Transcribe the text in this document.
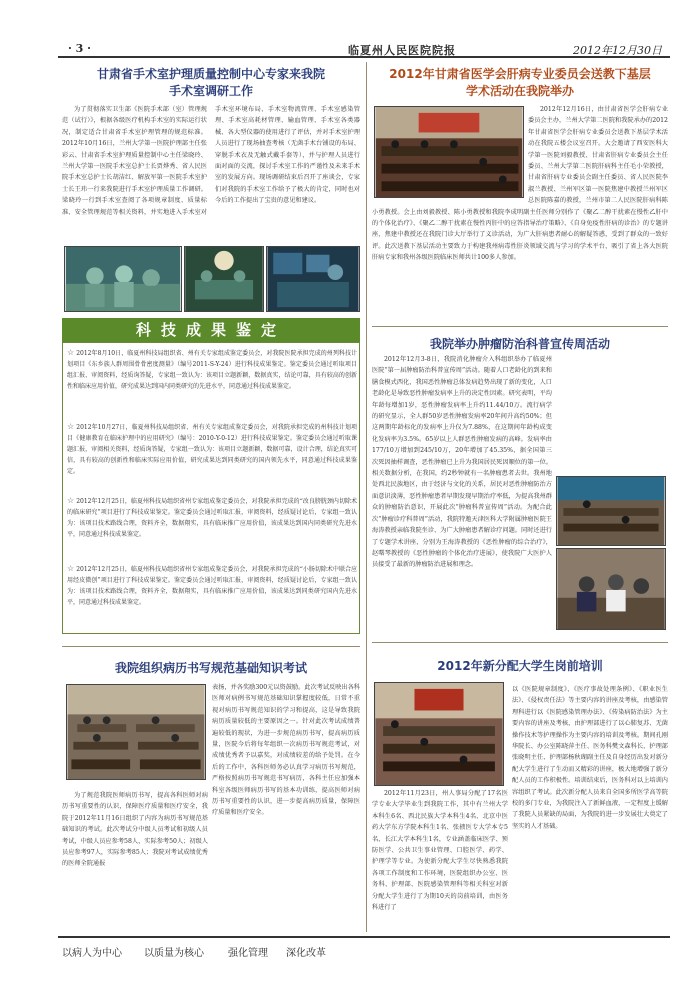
· 3 ·	临夏州人民医院院报	2012年12月30日
甘肃省手术室护理质量控制中心专家来我院
手术室调研工作

为了贯彻落实卫生部《医院手术部（室）管理规范（试行）》，根据各级医疗机构手术室的实际运行状况，制定适合甘肃省手术室护理管理的规范标准。2012年10月16日，兰州大学第一医院护理部主任张彩云、甘肃省手术室护理质量控制中心主任梁晓玲、兰州大学第一医院手术室总护士长贾烨秀、省人民医院手术室总护士长胡洁红、解放军第一医院手术室护士长王玮一行来我院进行手术室护理质量工作调研。梁晓玲一行到手术室查阅了各项规章制度、质量标准、安全管理规范等相关资料，并实地进入手术室对手术室环境布局、手术室物流管理、手术室感染管理、手术室高耗材管理、输血管理、手术室各类器械、各大型仪器的使用进行了评估，并对手术室护理人员进行了现场抽查考核（无菌手术台铺设的布局、穿脱手术衣及无触式戴手套等），并与护理人员进行面对面的交流，探讨手术室工作的严谨性及未来手术室的发展方向。现场调研结束后召开了座谈会，专家们对我院的手术室工作给予了极大的肯定，同时也对今后的工作提出了宝贵的意见和建议。

科技成果鉴定
☆ 2012年8月10日，临夏州科技局组织省、州有关专家组成鉴定委员会，对我院医院承担完成的州列科技计划项目《东乡族人群周围骨骨密度测量》（编号2011-S-Y-24）进行科技成果鉴定。鉴定委员会通过听取项目组汇报、审阅资料，经质询答疑，专家组一致认为：该项目立题新颖，数据真实，结论可靠，具有较高的创新性和临床应用价值，研究成果达到国内同类研究的先进水平，同意通过科技成果鉴定。
☆ 2012年10月27日，临夏州科技局组织省、州有关专家组成鉴定委员会，对我院承担完成的州科技计划项目《健康教育在临床护理中的应用研究》（编号：2010-Y-0-12）进行科技成果鉴定。鉴定委员会通过听取课题汇报，审阅相关资料，经质询答疑，专家组一致认为：该项目立题新颖，数据可靠，设计合理，结论真实可信，具有较高的创新性和临床实际应用价值，研究成果达到同类研究的国内领先水平，同意通过科技成果鉴定。
☆ 2012年12月25日，临夏州科技局组织省州专家组成鉴定委员会，对我院承担完成的“改良膀胱颈内切除术的临床研究”项目进行了科技成果鉴定。鉴定委员会通过听取汇报，审阅资料，经质疑讨论后，专家组一致认为：该项目技术路线合理，资料齐全，数据翔实，具有临床推广应用价值，该成果达到国内同类研究先进水平，同意通过科技成果鉴定。
☆ 2012年12月25日，临夏州科技局组织省州专家组成鉴定委员会，对我院承担完成的“小肠切除术中联合应用经皮微创”项目进行了科技成果鉴定。鉴定委员会通过听取汇报，审阅资料，经质疑讨论后，专家组一致认为：该项目技术路线合理，资料齐全，数据翔实，具有临床推广应用价值，该成果达到同类研究国内先进水平，同意通过科技成果鉴定。
我院组织病历书写规范基础知识考试

表扬，并各奖励300元以资鼓励。此次考试反映出各科医师对病例书写规范基础知识掌握度较低，日常不重视对病历书写规范知识的学习和提高，这是导致我院病历质量较低的主要原因之一。针对此次考试成绩普遍较低的现状，为进一步规范病历书写，提高病历质量，医院今后将每年组织一次病历书写规范考试，对成绩优秀者予以嘉奖，对成绩较差的给予处罚。在今后的工作中，各科医师务必认真学习病历书写规范，严格按照病历书写规范书写病历，各科主任应加强本科室各级医师病历书写的基本功训练，提高医师对病历书写重要性的认识，进一步提高病历质量，保障医疗质量和医疗安全。

为了规范我院医师病历书写，提高各科医师对病历书写重要性的认识，保障医疗质量和医疗安全，我院于2012年11月16日组织了内容为病历书写规范基础知识的考试。此次考试分中级人员考试和初级人员考试，中级人员应参考58人，实际参考50人；初级人员应参考97人，实际参考85人；我院对考试成绩优秀的医师全院通报

2012年甘肃省医学会肝病专业委员会送教下基层
学术活动在我院举办

2012年12月16日，由甘肃省医学会肝病专业委员会主办，兰州大学第二医院和我院承办的2012年甘肃省医学会肝病专业委员会送教下基层学术活动在我院五楼会议室召开。大会邀请了西安医科大学第一医院刘毅教授、甘肃省肝病专业委员会主任委员、兰州大学第二医院肝病科主任毛小荣教授，甘肃省肝病专业委员会副主任委员、省人民医院李淑兰教授、兰州军区第一医院焦建中教授兰州军区总医院陈嘉的教授，兰州市第二人民医院肝病科陈小勇教授。会上由刘毅教授、陈小勇教授和我院李成明副主任医师分别作了《聚乙二醇干扰素在慢性乙肝中的个体化治疗》、《聚乙二醇干扰素在慢性丙肝中的应答指导治疗策略》、《自身免疫性肝病的诊治》的专题讲座，焦建中教授还在我院门诊大厅举行了义诊活动，为广大肝病患者耐心的解疑答惑，受到了群众的一致好评。此次送教下基层活动主要致力于构建我州病毒性肝炎领域交流与学习的学术平台，吸引了省上各大医院肝病专家和我州各级医院临床医师共计100多人参加。

我院举办肿瘤防治科普宣传周活动

2012年12月3-8日，我院消化肿瘤介入科组织举办了临夏州医院“第一届肿瘤防治科普宣传周”活动。随着人口老龄化的到来和膳食模式西化，我国恶性肿瘤总体发病趋势出现了新的变化，人口老龄化是导致恶性肿瘤发病率上升的决定性因素。研究表明，平均年龄每增加1岁，恶性肿瘤发病率上升约11.44/10万。流行病学的研究显示，全人群50岁恶性肿瘤发病率20年间升高约50%；但这两期年龄标化的发病率上升仅为7.88%，在这期间年龄构成变化发病率为3.5%。65岁以上人群恶性肿瘤发病的高峰。发病率由177/10万增加到245/10万，20年增加了45.35%，据全国第三次死因抽样调查，恶性肿瘤已上升为我国居民死因顺位的第一位。相关数据分析，在我国，约2秒钟就有一名肿瘤患者去世。我州地处西北民族地区，由于经济与文化的关系，居民对恶性肿瘤防治方面意识淡薄，恶性肿瘤患者早期发现早期治疗率低，为提高我州群众的肿瘤防治意识，开展此次“肿瘤科普宣传周”活动。为配合此次“肿瘤诊疗科普周”活动，我院特邀天津医科大学附属肿瘤医院王海涛教授亲临我院坐诊、为广大肿瘤患者解诊疗问题。同时还进行了专题学术讲座，分别为王海涛教授的《恶性肿瘤的综合治疗》，赵曙琴教授的《恶性肿瘤的个体化治疗进展》，使我院广大医护人员接受了最新的肿瘤防治进展和理念。

2012年新分配大学生岗前培训

2012年11月23日，州人事局分配了17名医学专业大学毕业生到我院工作，其中有兰州大学本科生6名、西北民族大学本科生4名、北京中医药大学东方学院本科生1名、张掖医专大学本专5名、长江大学本科生1名，专业涵盖临床医学、预防医学、公共卫生事业管理、口腔医学、药学、护理学等专业。为使新分配大学生尽快熟悉我院各项工作制度和工作环境，医院组织办公室、医务科、护理部、医院感染管理科等相关科室对新分配大学生进行了为期10天的岗前培训，由医务科进行了

以《医院规章制度》、《医疗事故处理条例》、《职业医生法》、《侵权责任法》等主要内容的讲座及考核，由感染管理科进行以《医院感染管理办法》、《传染病防治法》为主要内容的讲座及考核，由护理部进行了以心肺复苏、无菌操作技术等护理操作为主要内容的培训及考核。期间孔刚华院长、办公室陈晓萍主任、医务科樊文森科长、护理部张晓明主任、护理部杨秋瑚副主任及自身经历出发对新分配大学生进行了生动而又精彩的讲座，极大地增强了新分配人员的工作积极性。培训结束后，医务科对以上培训内容组织了考试。此次新分配人员来自全国多所医学高等院校的多门专业，为我院注入了新鲜血液，一定程度上缓解了我院人员紧缺的局面，为我院的进一步发展壮大奠定了坚实的人才基础。

以病人为中心 以质量为核心 强化管理 深化改革
